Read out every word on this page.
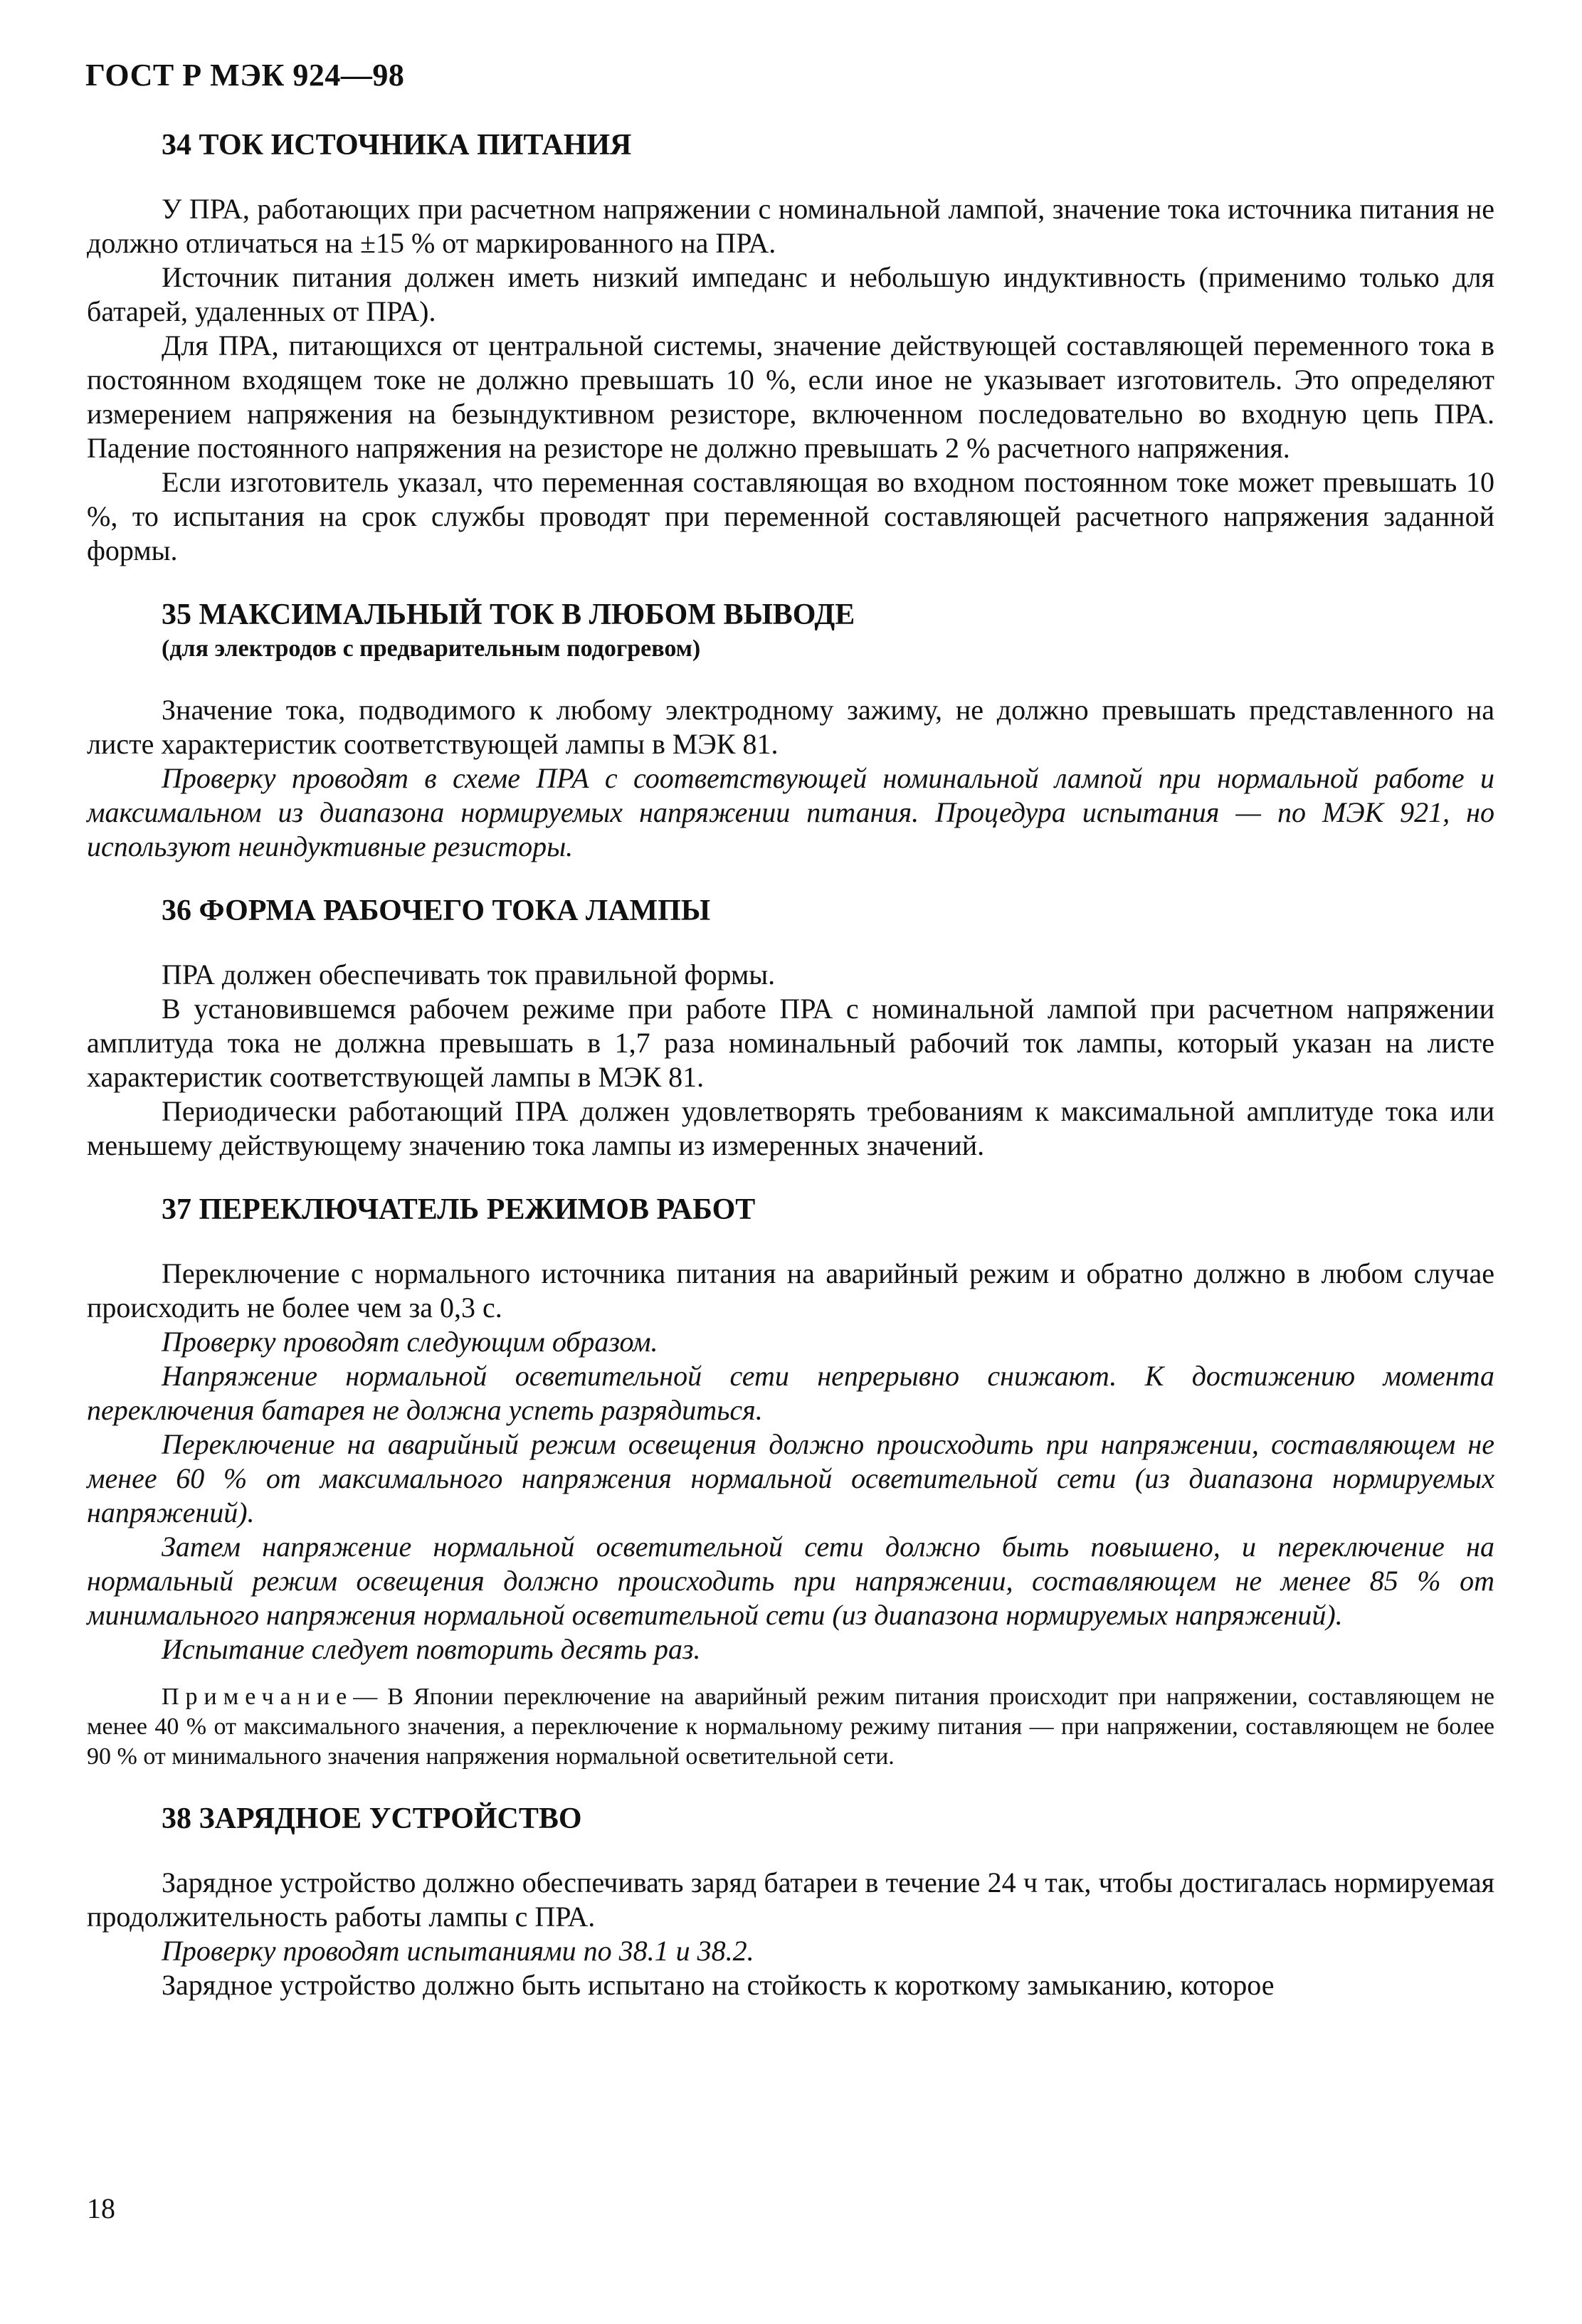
ГОСТ Р МЭК 924—98
34 ТОК ИСТОЧНИКА ПИТАНИЯ

У ПРА, работающих при расчетном напряжении с номинальной лампой, значение тока источника питания не должно отличаться на ±15 % от маркированного на ПРА.

Источник питания должен иметь низкий импеданс и небольшую индуктивность (применимо только для батарей, удаленных от ПРА).

Для ПРА, питающихся от центральной системы, значение действующей составляющей переменного тока в постоянном входящем токе не должно превышать 10 %, если иное не указывает изготовитель. Это определяют измерением напряжения на безындуктивном резисторе, включенном последовательно во входную цепь ПРА. Падение постоянного напряжения на резисторе не должно превышать 2 % расчетного напряжения.

Если изготовитель указал, что переменная составляющая во входном постоянном токе может превышать 10 %, то испытания на срок службы проводят при переменной составляющей расчетного напряжения заданной формы.

35 МАКСИМАЛЬНЫЙ ТОК В ЛЮБОМ ВЫВОДЕ
(для электродов с предварительным подогревом)

Значение тока, подводимого к любому электродному зажиму, не должно превышать представленного на листе характеристик соответствующей лампы в МЭК 81.

Проверку проводят в схеме ПРА с соответствующей номинальной лампой при нормальной работе и максимальном из диапазона нормируемых напряжении питания. Процедура испытания — по МЭК 921, но используют неиндуктивные резисторы.

36 ФОРМА РАБОЧЕГО ТОКА ЛАМПЫ

ПРА должен обеспечивать ток правильной формы.

В установившемся рабочем режиме при работе ПРА с номинальной лампой при расчетном напряжении амплитуда тока не должна превышать в 1,7 раза номинальный рабочий ток лампы, который указан на листе характеристик соответствующей лампы в МЭК 81.

Периодически работающий ПРА должен удовлетворять требованиям к максимальной амплитуде тока или меньшему действующему значению тока лампы из измеренных значений.

37 ПЕРЕКЛЮЧАТЕЛЬ РЕЖИМОВ РАБОТ

Переключение с нормального источника питания на аварийный режим и обратно должно в любом случае происходить не более чем за 0,3 с.

Проверку проводят следующим образом.

Напряжение нормальной осветительной сети непрерывно снижают. К достижению момента переключения батарея не должна успеть разрядиться.

Переключение на аварийный режим освещения должно происходить при напряжении, составляющем не менее 60 % от максимального напряжения нормальной осветительной сети (из диапазона нормируемых напряжений).

Затем напряжение нормальной осветительной сети должно быть повышено, и переключение на нормальный режим освещения должно происходить при напряжении, составляющем не менее 85 % от минимального напряжения нормальной осветительной сети (из диапазона нормируемых напряжений).

Испытание следует повторить десять раз.

Примечание— В Японии переключение на аварийный режим питания происходит при напряжении, составляющем не менее 40 % от максимального значения, а переключение к нормальному режиму питания — при напряжении, составляющем не более 90 % от минимального значения напряжения нормальной осветительной сети.

38 ЗАРЯДНОЕ УСТРОЙСТВО

Зарядное устройство должно обеспечивать заряд батареи в течение 24 ч так, чтобы достигалась нормируемая продолжительность работы лампы с ПРА.

Проверку проводят испытаниями по 38.1 и 38.2.

Зарядное устройство должно быть испытано на стойкость к короткому замыканию, которое

18
